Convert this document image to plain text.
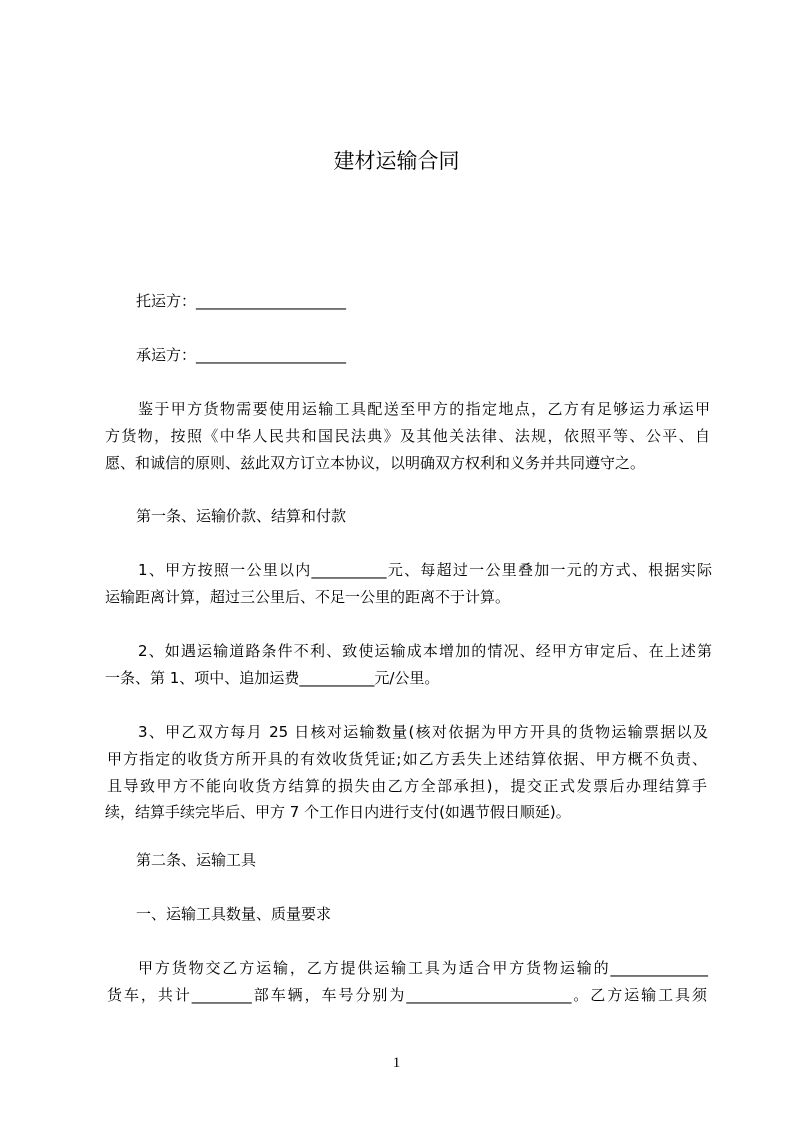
建材运输合同
托运方：____________________
承运方：____________________
鉴于甲方货物需要使用运输工具配送至甲方的指定地点，乙方有足够运力承运甲
方货物，按照《中华人民共和国民法典》及其他关法律、法规，依照平等、公平、自
愿、和诚信的原则、兹此双方订立本协议，以明确双方权利和义务并共同遵守之。
第一条、运输价款、结算和付款
1、甲方按照一公里以内__________元、每超过一公里叠加一元的方式、根据实际
运输距离计算，超过三公里后、不足一公里的距离不于计算。
2、如遇运输道路条件不利、致使运输成本增加的情况、经甲方审定后、在上述第
一条、第 1、项中、追加运费__________元/公里。
3、甲乙双方每月 25 日核对运输数量(核对依据为甲方开具的货物运输票据以及
甲方指定的收货方所开具的有效收货凭证;如乙方丢失上述结算依据、甲方概不负责、
且导致甲方不能向收货方结算的损失由乙方全部承担)，提交正式发票后办理结算手
续，结算手续完毕后、甲方 7 个工作日内进行支付(如遇节假日顺延)。
第二条、运输工具
一、运输工具数量、质量要求
甲方货物交乙方运输，乙方提供运输工具为适合甲方货物运输的_____________
货车，共计________部车辆，车号分别为______________________。乙方运输工具须
1
